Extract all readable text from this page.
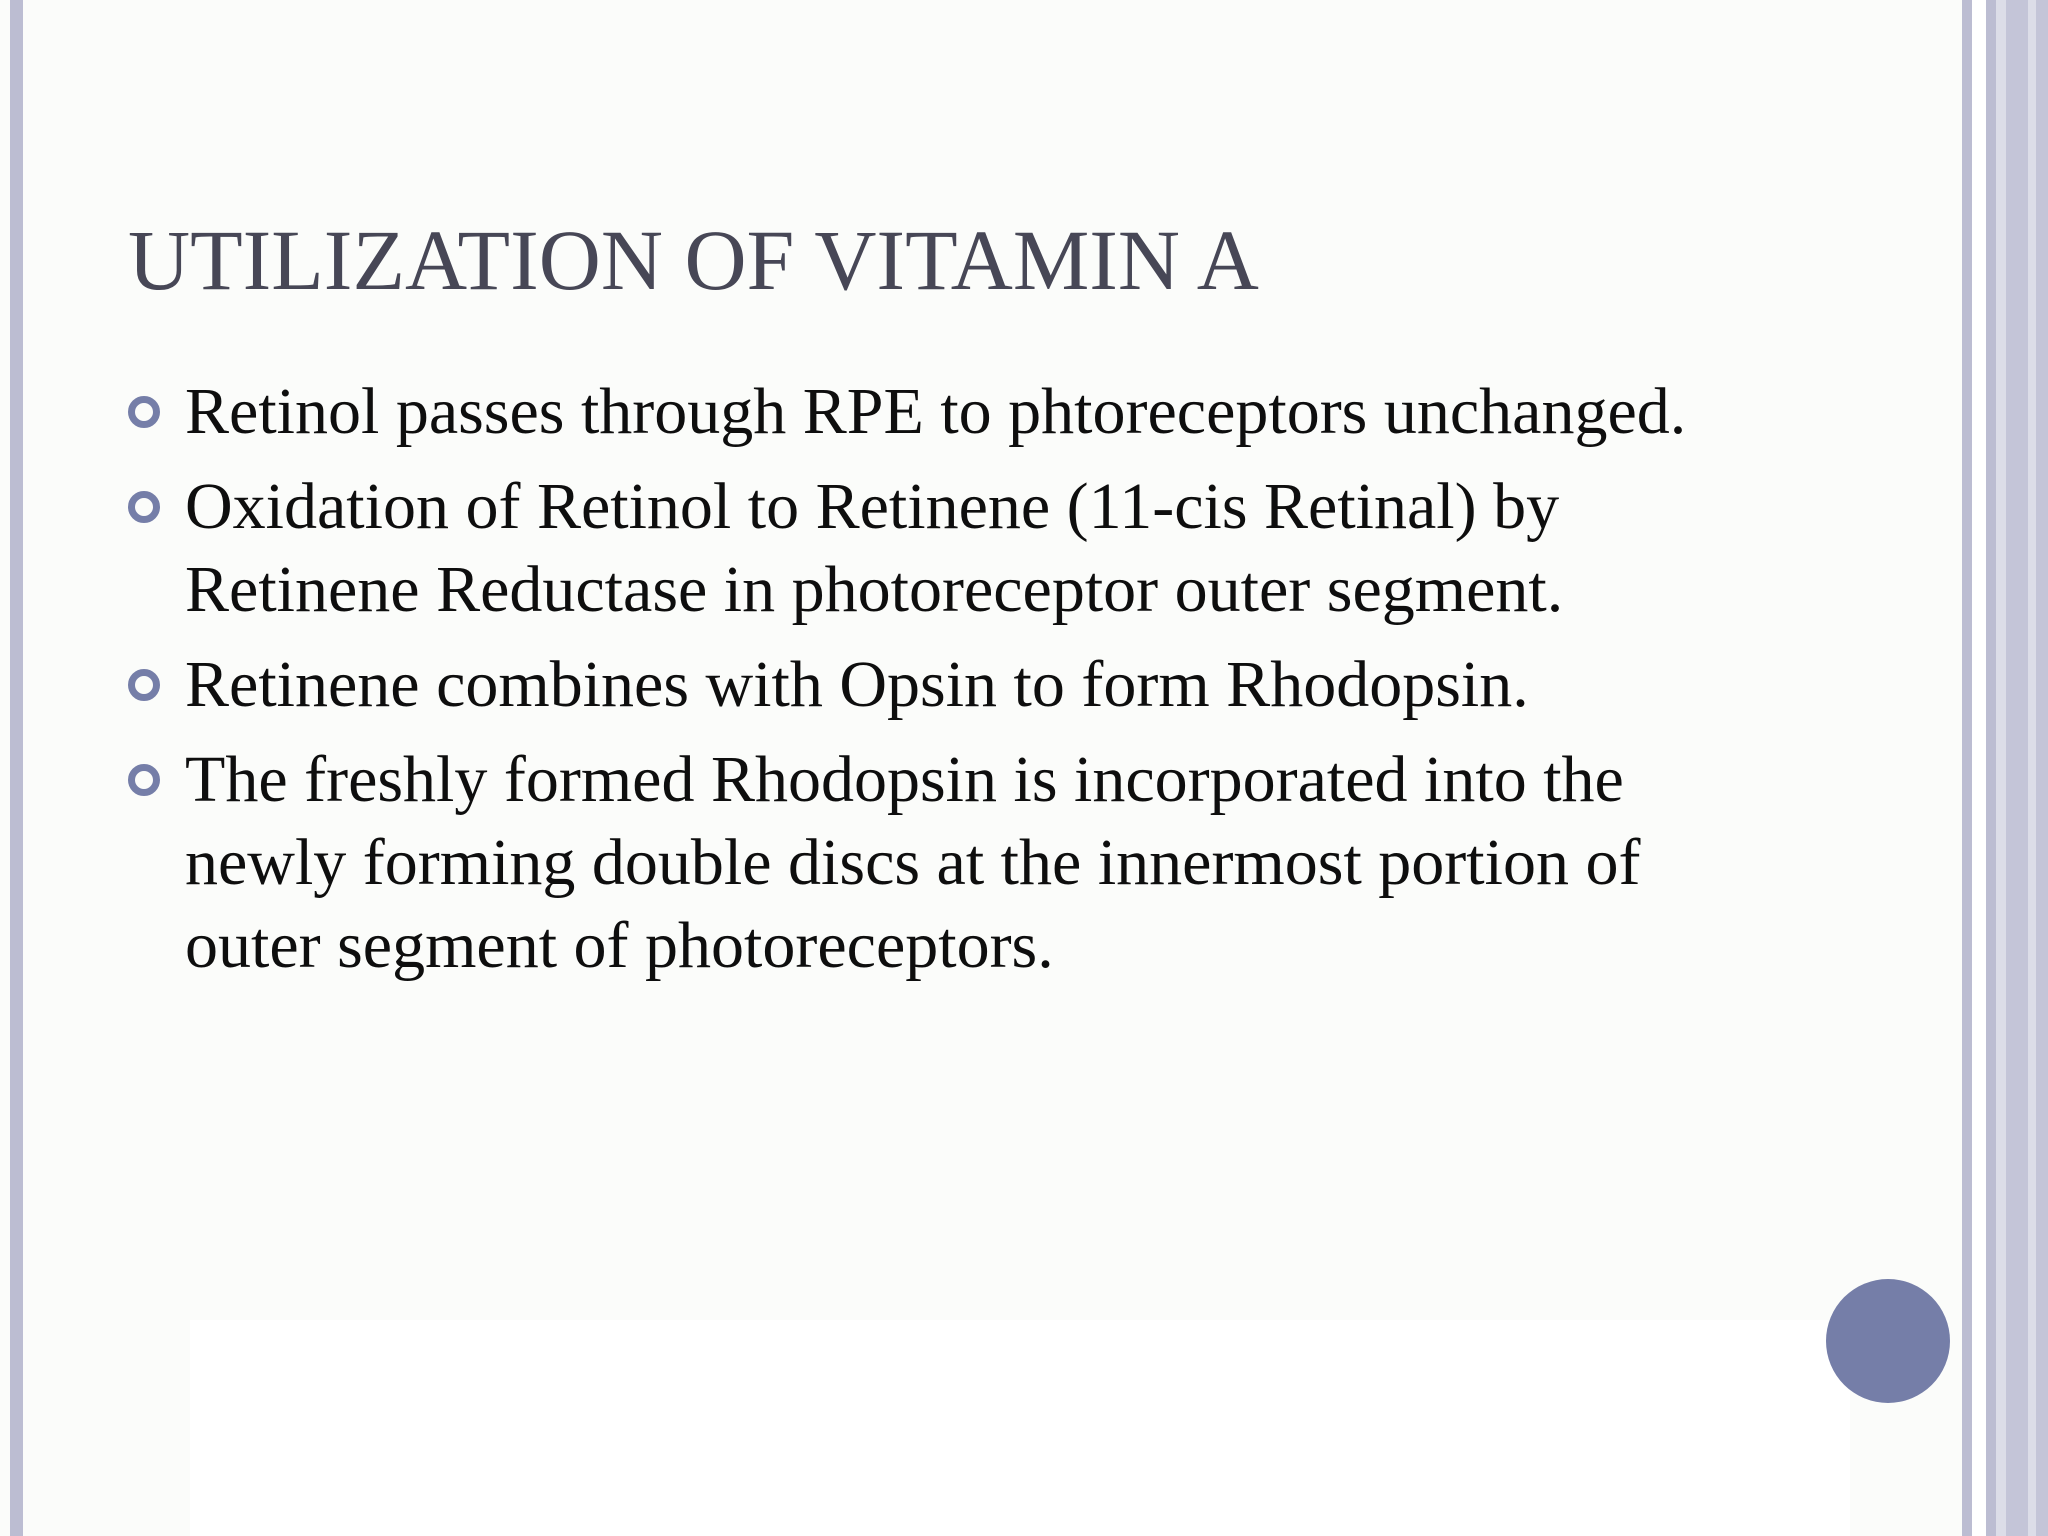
UTILIZATION OF VITAMIN A
Retinol passes through RPE to phtoreceptors unchanged.
Oxidation of Retinol to Retinene (11-cis Retinal) by Retinene Reductase in photoreceptor outer segment.
Retinene combines with Opsin to form Rhodopsin.
The freshly formed Rhodopsin is incorporated into the newly forming double discs at the innermost portion of outer segment of photoreceptors.
